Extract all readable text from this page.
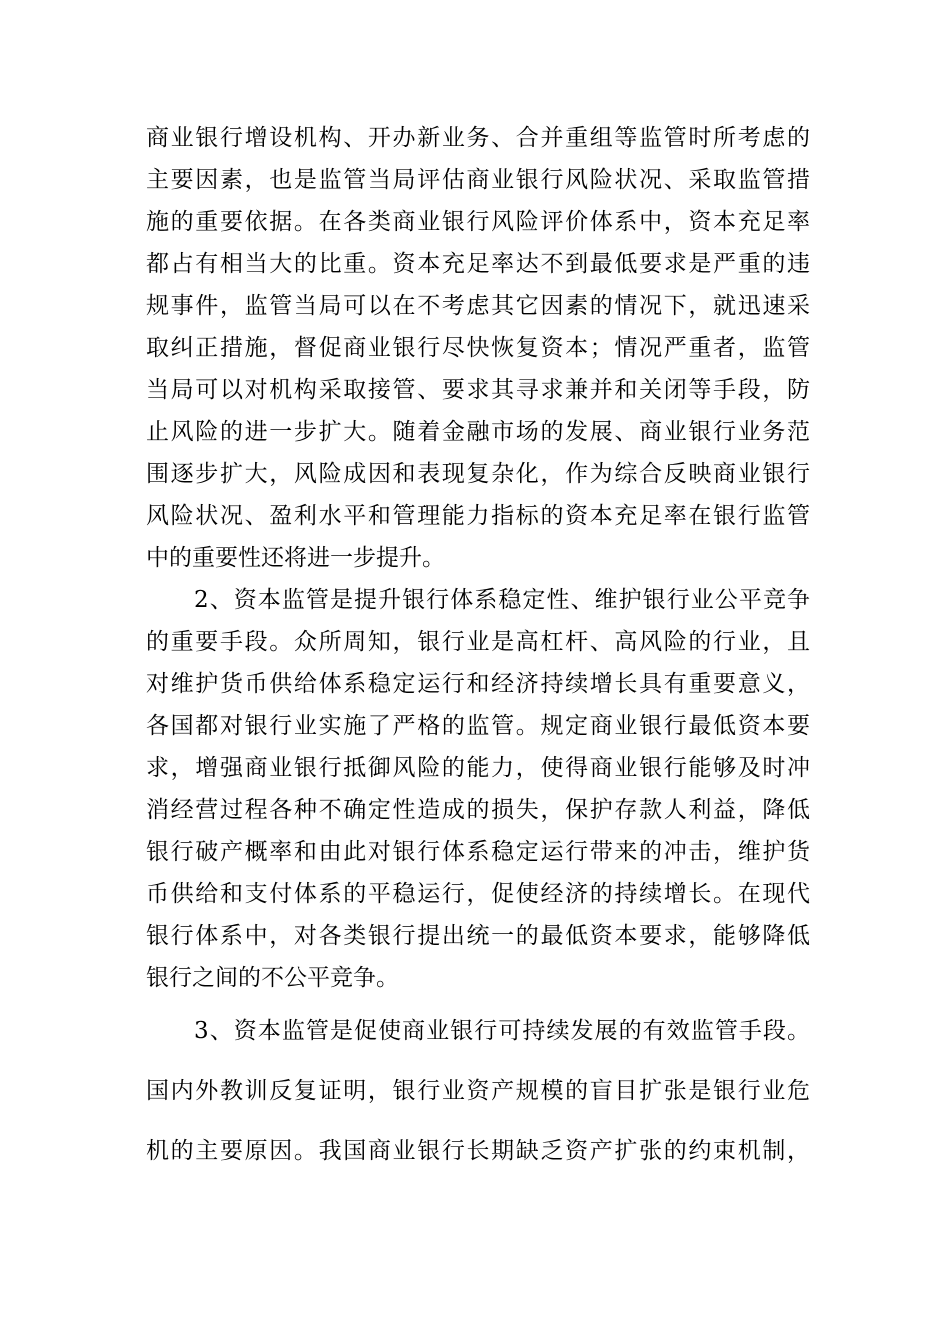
商业银行增设机构、开办新业务、合并重组等监管时所考虑的
主要因素，也是监管当局评估商业银行风险状况、采取监管措
施的重要依据。在各类商业银行风险评价体系中，资本充足率
都占有相当大的比重。资本充足率达不到最低要求是严重的违
规事件，监管当局可以在不考虑其它因素的情况下，就迅速采
取纠正措施，督促商业银行尽快恢复资本；情况严重者，监管
当局可以对机构采取接管、要求其寻求兼并和关闭等手段，防
止风险的进一步扩大。随着金融市场的发展、商业银行业务范
围逐步扩大，风险成因和表现复杂化，作为综合反映商业银行
风险状况、盈利水平和管理能力指标的资本充足率在银行监管
中的重要性还将进一步提升。
2、资本监管是提升银行体系稳定性、维护银行业公平竞争
的重要手段。众所周知，银行业是高杠杆、高风险的行业，且
对维护货币供给体系稳定运行和经济持续增长具有重要意义，
各国都对银行业实施了严格的监管。规定商业银行最低资本要
求，增强商业银行抵御风险的能力，使得商业银行能够及时冲
消经营过程各种不确定性造成的损失，保护存款人利益，降低
银行破产概率和由此对银行体系稳定运行带来的冲击，维护货
币供给和支付体系的平稳运行，促使经济的持续增长。在现代
银行体系中，对各类银行提出统一的最低资本要求，能够降低
银行之间的不公平竞争。
3、资本监管是促使商业银行可持续发展的有效监管手段。
国内外教训反复证明，银行业资产规模的盲目扩张是银行业危
机的主要原因。我国商业银行长期缺乏资产扩张的约束机制，
